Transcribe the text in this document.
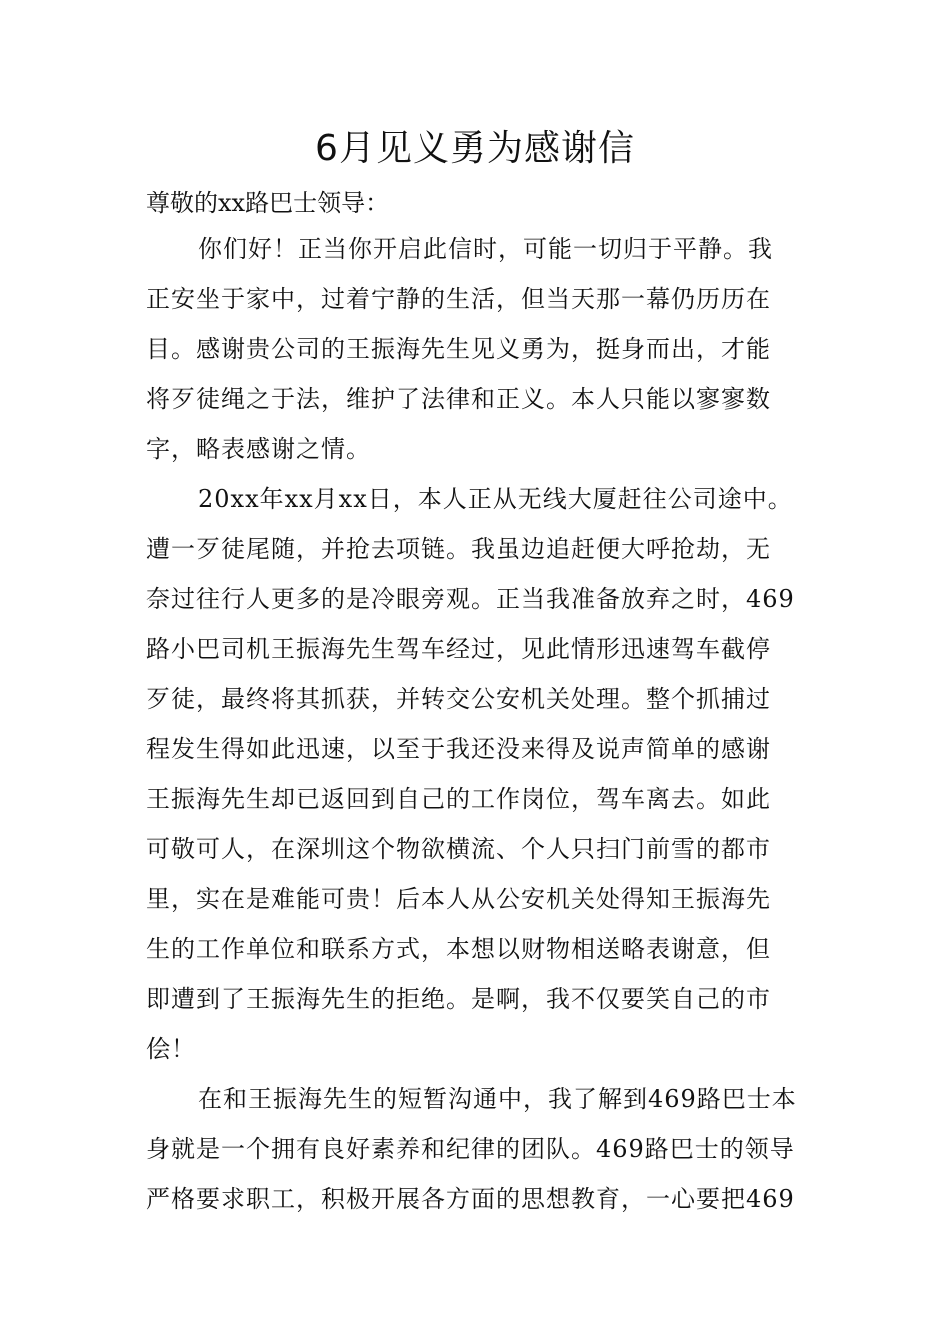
6月见义勇为感谢信

尊敬的xx路巴士领导：

你们好！正当你开启此信时，可能一切归于平静。我
正安坐于家中，过着宁静的生活，但当天那一幕仍历历在
目。感谢贵公司的王振海先生见义勇为，挺身而出，才能
将歹徒绳之于法，维护了法律和正义。本人只能以寥寥数
字，略表感谢之情。

20xx年xx月xx日，本人正从无线大厦赶往公司途中。
遭一歹徒尾随，并抢去项链。我虽边追赶便大呼抢劫，无
奈过往行人更多的是冷眼旁观。正当我准备放弃之时，469
路小巴司机王振海先生驾车经过，见此情形迅速驾车截停
歹徒，最终将其抓获，并转交公安机关处理。整个抓捕过
程发生得如此迅速，以至于我还没来得及说声简单的感谢
王振海先生却已返回到自己的工作岗位，驾车离去。如此
可敬可人，在深圳这个物欲横流、个人只扫门前雪的都市
里，实在是难能可贵！后本人从公安机关处得知王振海先
生的工作单位和联系方式，本想以财物相送略表谢意，但
即遭到了王振海先生的拒绝。是啊，我不仅要笑自己的市
侩！

在和王振海先生的短暂沟通中，我了解到469路巴士本
身就是一个拥有良好素养和纪律的团队。469路巴士的领导
严格要求职工，积极开展各方面的思想教育，一心要把469
